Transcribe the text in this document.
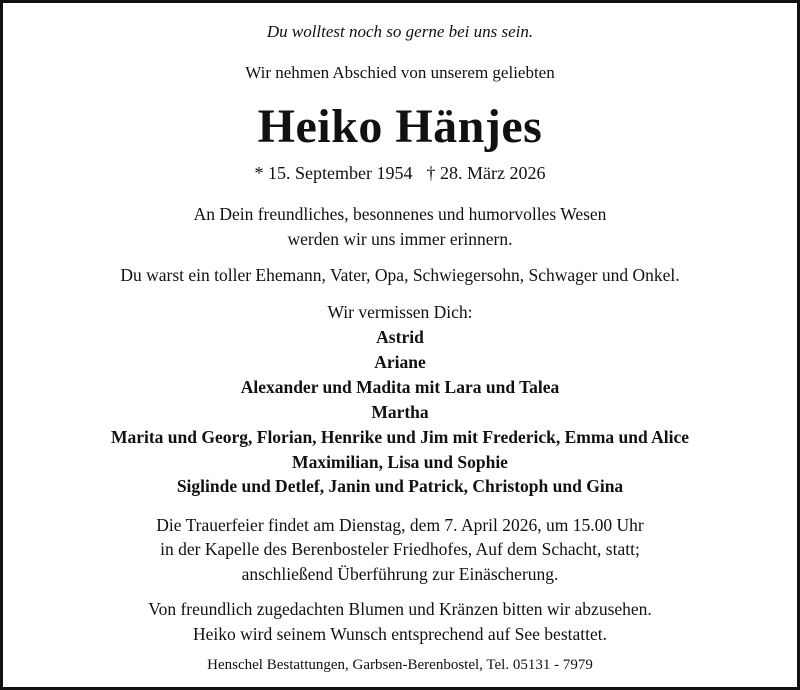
Du wolltest noch so gerne bei uns sein.
Wir nehmen Abschied von unserem geliebten
Heiko Hänjes
* 15. September 1954 † 28. März 2026
An Dein freundliches, besonnenes und humorvolles Wesen
werden wir uns immer erinnern.
Du warst ein toller Ehemann, Vater, Opa, Schwiegersohn, Schwager und Onkel.
Wir vermissen Dich:
Astrid
Ariane
Alexander und Madita mit Lara und Talea
Martha
Marita und Georg, Florian, Henrike und Jim mit Frederick, Emma und Alice
Maximilian, Lisa und Sophie
Siglinde und Detlef, Janin und Patrick, Christoph und Gina
Die Trauerfeier findet am Dienstag, dem 7. April 2026, um 15.00 Uhr
in der Kapelle des Berenbosteler Friedhofes, Auf dem Schacht, statt;
anschließend Überführung zur Einäscherung.
Von freundlich zugedachten Blumen und Kränzen bitten wir abzusehen.
Heiko wird seinem Wunsch entsprechend auf See bestattet.
Henschel Bestattungen, Garbsen-Berenbostel, Tel. 05131 - 7979
